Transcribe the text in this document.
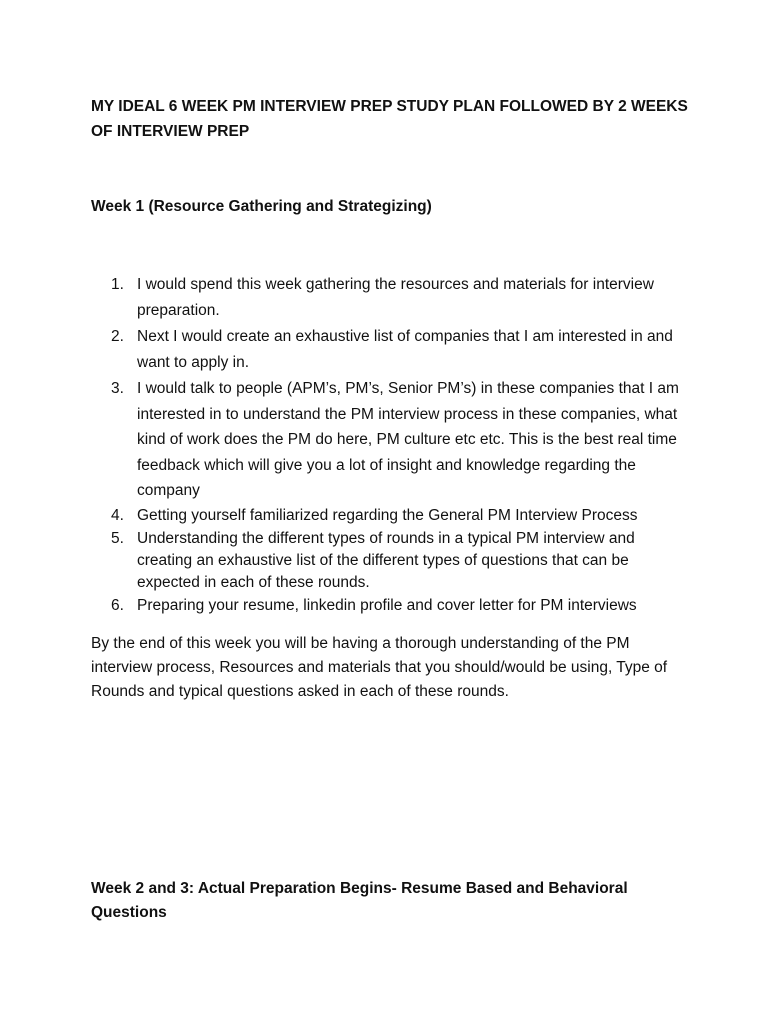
MY IDEAL 6 WEEK PM INTERVIEW PREP STUDY PLAN FOLLOWED BY 2 WEEKS OF INTERVIEW PREP
Week 1 (Resource Gathering and Strategizing)
1. I would spend this week gathering the resources and materials for interview preparation.
2. Next I would create an exhaustive list of companies that I am interested in and want to apply in.
3. I would talk to people (APM’s, PM’s, Senior PM’s) in these companies that I am interested in to understand the PM interview process in these companies, what kind of work does the PM do here, PM culture etc etc. This is the best real time feedback which will give you a lot of insight and knowledge regarding the company
4. Getting yourself familiarized regarding the General PM Interview Process
5. Understanding the different types of rounds in a typical PM interview and creating an exhaustive list of the different types of questions that can be expected in each of these rounds.
6. Preparing your resume, linkedin profile and cover letter for PM interviews

By the end of this week you will be having a thorough understanding of the PM interview process, Resources and materials that you should/would be using, Type of Rounds and typical questions asked in each of these rounds.

Week 2 and 3: Actual Preparation Begins- Resume Based and Behavioral Questions
